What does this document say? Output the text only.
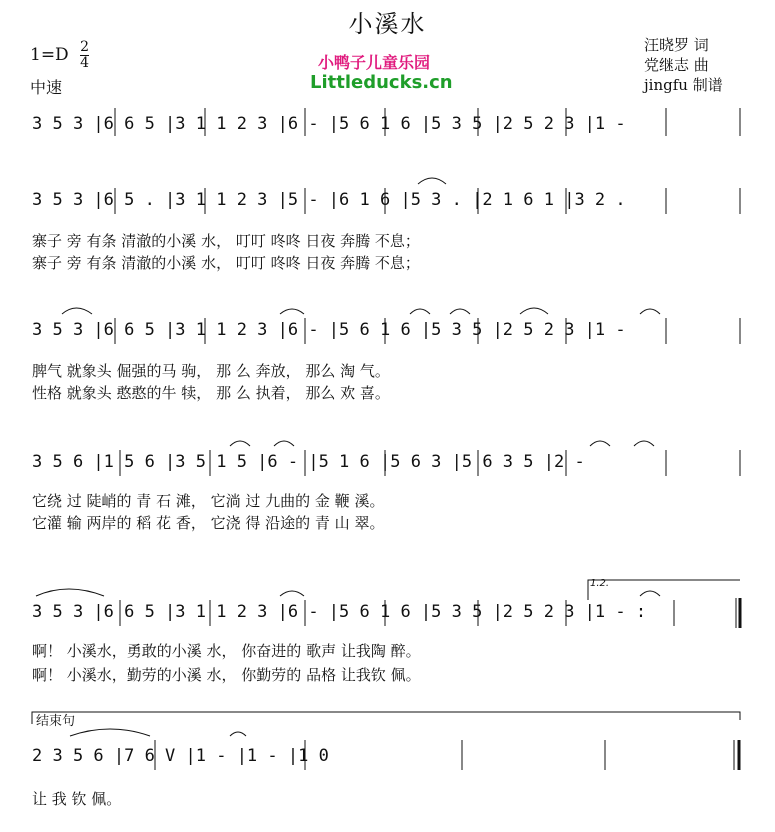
小溪水
$1=D \frac{2}{4}$
中速
小鸭子儿童乐园
Littleducks.cn
汪晓罗 词
党继志 曲
jingfu 制谱
3 5 3 |6 6 5 |3 1 1 2 3 |6 - |5 6 1 6 |5 3 5 |2 5 2 3 |1 -
3 5 3 |6 5 . |3 1 1 2 3 |5 - |6 1 6 |5 3 . |2 1 6 1 |3 2 .
寨子 旁 有条 清澈的小溪 水， 叮叮 咚咚 日夜 奔腾 不息；
寨子 旁 有条 清澈的小溪 水， 叮叮 咚咚 日夜 奔腾 不息；
3 5 3 |6 6 5 |3 1 1 2 3 |6 - |5 6 1 6 |5 3 5 |2 5 2 3 |1 -
脾气 就象头 倔强的马 驹， 那 么 奔放， 那么 淘 气。
性格 就象头 憨憨的牛 犊， 那 么 执着， 那么 欢 喜。
3 5 6 |1 5 6 |3 5 1 5 |6 - |5 1 6 |5 6 3 |5 6 3 5 |2 -
它绕 过 陡峭的 青 石 滩， 它淌 过 九曲的 金 鞭 溪。
它灌 输 两岸的 稻 花 香， 它浇 得 沿途的 青 山 翠。
1.2.
3 5 3 |6 6 5 |3 1 1 2 3 |6 - |5 6 1 6 |5 3 5 |2 5 2 3 |1 - :
啊！ 小溪水，勇敢的小溪 水， 你奋进的 歌声 让我陶 醉。
啊！ 小溪水，勤劳的小溪 水， 你勤劳的 品格 让我钦 佩。
结束句
2 3 5 6 |7 6 V |1 - |1 - |1 0
让 我 钦 佩。
